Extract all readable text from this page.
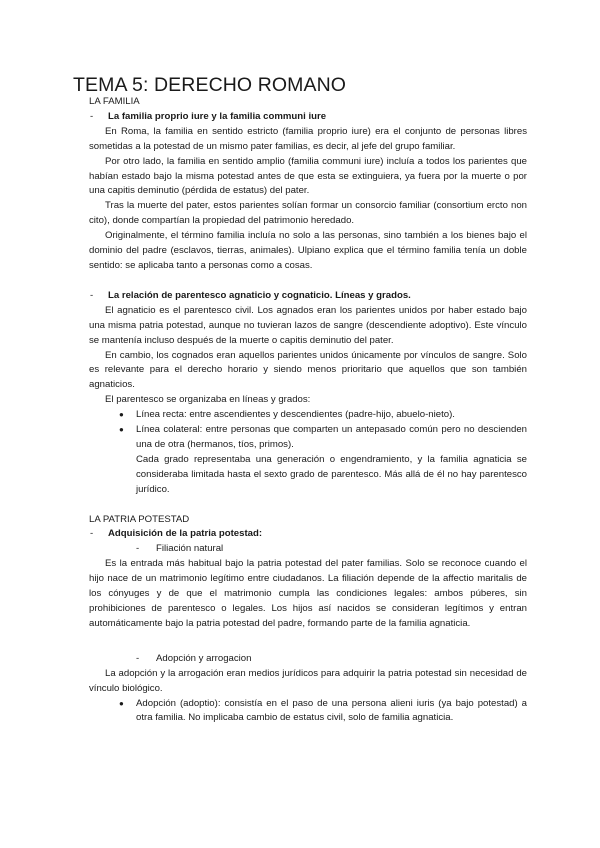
TEMA 5: DERECHO ROMANO

LA FAMILIA

-	La familia proprio iure y la familia communi iure

En Roma, la familia en sentido estricto (familia proprio iure) era el conjunto de personas libres sometidas a la potestad de un mismo pater familias, es decir, al jefe del grupo familiar.

Por otro lado, la familia en sentido amplio (familia communi iure) incluía a todos los parientes que habían estado bajo la misma potestad antes de que esta se extinguiera, ya fuera por la muerte o por una capitis deminutio (pérdida de estatus) del pater.

Tras la muerte del pater, estos parientes solían formar un consorcio familiar (consortium ercto non cito), donde compartían la propiedad del patrimonio heredado.

Originalmente, el término familia incluía no solo a las personas, sino también a los bienes bajo el dominio del padre (esclavos, tierras, animales). Ulpiano explica que el término familia tenía un doble sentido: se aplicaba tanto a personas como a cosas.

-	La relación de parentesco agnaticio y cognaticio. Líneas y grados.

El agnaticio es el parentesco civil. Los agnados eran los parientes unidos por haber estado bajo una misma patria potestad, aunque no tuvieran lazos de sangre (descendiente adoptivo). Este vínculo se mantenía incluso después de la muerte o capitis deminutio del pater.

En cambio, los cognados eran aquellos parientes unidos únicamente por vínculos de sangre. Solo es relevante para el derecho horario y siendo menos prioritario que aquellos que son también agnaticios.

El parentesco se organizaba en líneas y grados:

●	Línea recta: entre ascendientes y descendientes (padre-hijo, abuelo-nieto).
●	Línea colateral: entre personas que comparten un antepasado común pero no descienden una de otra (hermanos, tíos, primos).
Cada grado representaba una generación o engendramiento, y la familia agnaticia se consideraba limitada hasta el sexto grado de parentesco. Más allá de él no hay parentesco jurídico.

LA PATRIA POTESTAD

-	Adquisición de la patria potestad:
-	Filiación natural

Es la entrada más habitual bajo la patria potestad del pater familias. Solo se reconoce cuando el hijo nace de un matrimonio legítimo entre ciudadanos. La filiación depende de la affectio maritalis de los cónyuges y de que el matrimonio cumpla las condiciones legales: ambos púberes, sin prohibiciones de parentesco o legales. Los hijos así nacidos se consideran legítimos y entran automáticamente bajo la patria potestad del padre, formando parte de la familia agnaticia.

-	Adopción y arrogacion

La adopción y la arrogación eran medios jurídicos para adquirir la patria potestad sin necesidad de vínculo biológico.

●	Adopción (adoptio): consistía en el paso de una persona alieni iuris (ya bajo potestad) a otra familia. No implicaba cambio de estatus civil, solo de familia agnaticia.
